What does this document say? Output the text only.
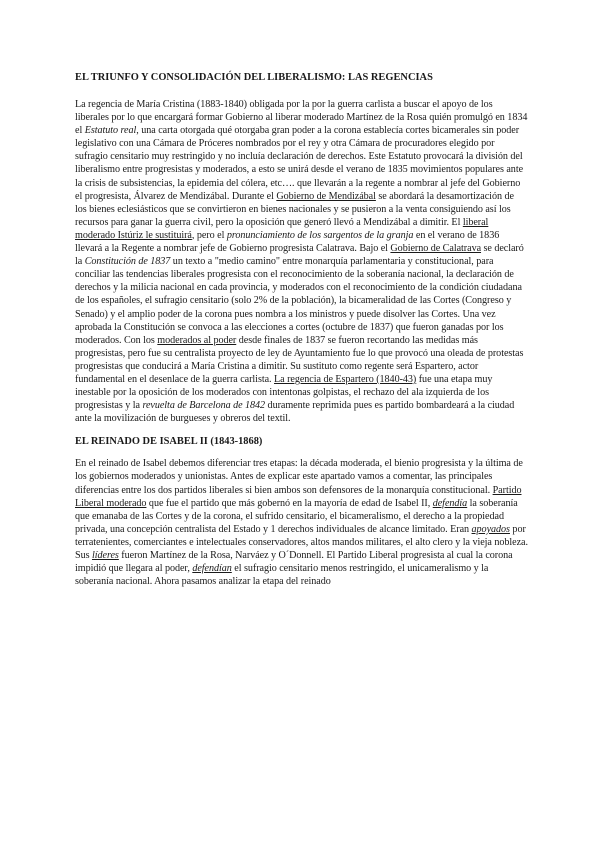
EL TRIUNFO Y CONSOLIDACIÓN DEL LIBERALISMO: LAS REGENCIAS

La regencia de María Cristina (1883-1840) obligada por la por la guerra carlista a buscar el apoyo de los liberales por lo que encargará formar Gobierno al liberar moderado Martínez de la Rosa quién promulgó en 1834 el Estatuto real, una carta otorgada qué otorgaba gran poder a la corona establecía cortes bicamerales sin poder legislativo con una Cámara de Próceres nombrados por el rey y otra Cámara de procuradores elegido por sufragio censitario muy restringido y no incluía declaración de derechos. Este Estatuto provocará la división del liberalismo entre progresistas y moderados, a esto se unirá desde el verano de 1835 movimientos populares ante la crisis de subsistencias, la epidemia del cólera, etc…. que llevarán a la regente a nombrar al jefe del Gobierno el progresista, Álvarez de Mendizábal. Durante el Gobierno de Mendizábal se abordará la desamortización de los bienes eclesiásticos que se convirtieron en bienes nacionales y se pusieron a la venta consiguiendo así los recursos para ganar la guerra civil, pero la oposición que generó llevó a Mendizábal a dimitir. El liberal moderado Istúriz le sustituirá, pero el pronunciamiento de los sargentos de la granja en el verano de 1836 llevará a la Regente a nombrar jefe de Gobierno progresista Calatrava. Bajo el Gobierno de Calatrava se declaró la Constitución de 1837 un texto a "medio camino" entre monarquía parlamentaria y constitucional, para conciliar las tendencias liberales progresista con el reconocimiento de la soberanía nacional, la declaración de derechos y la milicia nacional en cada provincia, y moderados con el reconocimiento de la condición ciudadana de los españoles, el sufragio censitario (solo 2% de la población), la bicameralidad de las Cortes (Congreso y Senado) y el amplio poder de la corona pues nombra a los ministros y puede disolver las Cortes. Una vez aprobada la Constitución se convoca a las elecciones a cortes (octubre de 1837) que fueron ganadas por los moderados. Con los moderados al poder desde finales de 1837 se fueron recortando las medidas más progresistas, pero fue su centralista proyecto de ley de Ayuntamiento fue lo que provocó una oleada de protestas progresistas que conducirá a María Cristina a dimitir. Su sustituto como regente será Espartero, actor fundamental en el desenlace de la guerra carlista. La regencia de Espartero (1840-43) fue una etapa muy inestable por la oposición de los moderados con intentonas golpistas, el rechazo del ala izquierda de los progresistas y la revuelta de Barcelona de 1842 duramente reprimida pues es partido bombardeará a la ciudad ante la movilización de burgueses y obreros del textil.

EL REINADO DE ISABEL II (1843-1868)

En el reinado de Isabel debemos diferenciar tres etapas: la década moderada, el bienio progresista y la última de los gobiernos moderados y unionistas. Antes de explicar este apartado vamos a comentar, las principales diferencias entre los dos partidos liberales si bien ambos son defensores de la monarquía constitucional. Partido Liberal moderado que fue el partido que más gobernó en la mayoría de edad de Isabel II, defendía la soberanía que emanaba de las Cortes y de la corona, el sufrido censitario, el bicameralismo, el derecho a la propiedad privada, una concepción centralista del Estado y 1 derechos individuales de alcance limitado. Eran apoyados por terratenientes, comerciantes e intelectuales conservadores, altos mandos militares, el alto clero y la vieja nobleza. Sus líderes fueron Martínez de la Rosa, Narváez y O´Donnell. El Partido Liberal progresista al cual la corona impidió que llegara al poder, defendían el sufragio censitario menos restringido, el unicameralismo y la soberanía nacional. Ahora pasamos analizar la etapa del reinado
